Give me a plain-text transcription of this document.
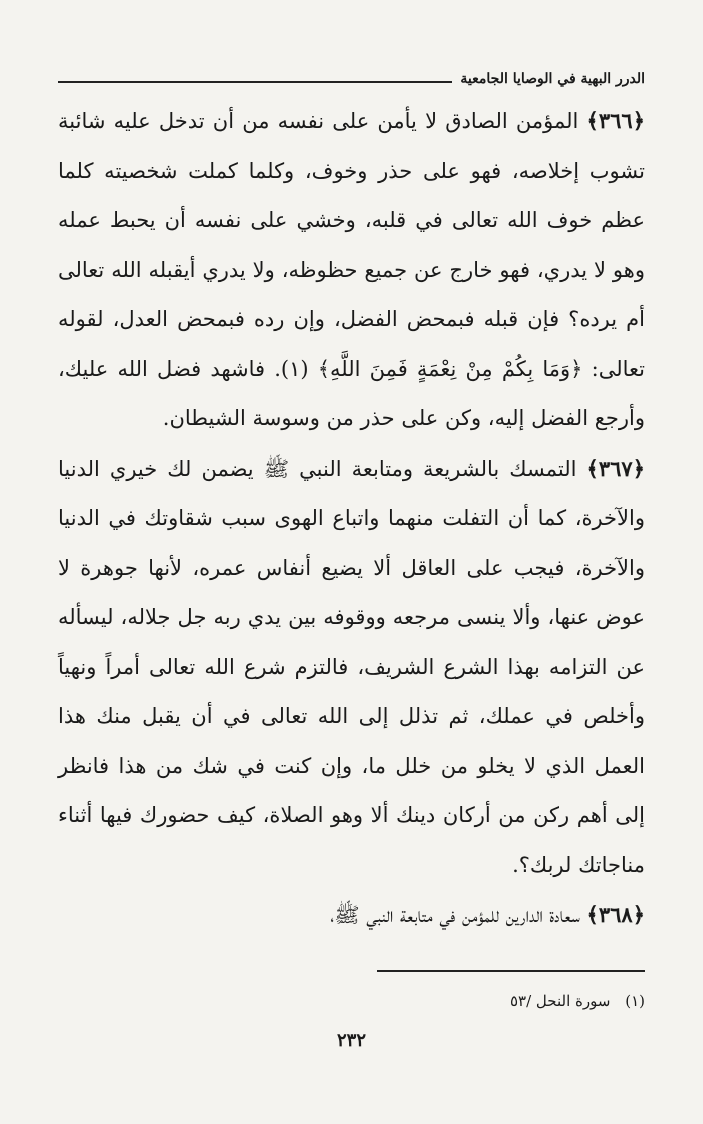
الدرر البهية في الوصايا الجامعية

﴿٣٦٦﴾ المؤمن الصادق لا يأمن على نفسه من أن تدخل عليه شائبة تشوب إخلاصه، فهو على حذر وخوف، وكلما كملت شخصيته كلما عظم خوف الله تعالى في قلبه، وخشي على نفسه أن يحبط عمله وهو لا يدري، فهو خارج عن جميع حظوظه، ولا يدري أيقبله الله تعالى أم يرده؟ فإن قبله فبمحض الفضل، وإن رده فبمحض العدل، لقوله تعالى: ﴿وَمَا بِكُمْ مِنْ نِعْمَةٍ فَمِنَ اللَّهِ﴾ (١). فاشهد فضل الله عليك، وأرجع الفضل إليه، وكن على حذر من وسوسة الشيطان.

﴿٣٦٧﴾ التمسك بالشريعة ومتابعة النبي ﷺ يضمن لك خيري الدنيا والآخرة، كما أن التفلت منهما واتباع الهوى سبب شقاوتك في الدنيا والآخرة، فيجب على العاقل ألا يضيع أنفاس عمره، لأنها جوهرة لا عوض عنها، وألا ينسى مرجعه ووقوفه بين يدي ربه جل جلاله، ليسأله عن التزامه بهذا الشرع الشريف، فالتزم شرع الله تعالى أمراً ونهياً وأخلص في عملك، ثم تذلل إلى الله تعالى في أن يقبل منك هذا العمل الذي لا يخلو من خلل ما، وإن كنت في شك من هذا فانظر إلى أهم ركن من أركان دينك ألا وهو الصلاة، كيف حضورك فيها أثناء مناجاتك لربك؟.

﴿٣٦٨﴾ سعادة الدارين للمؤمن في متابعة النبي ﷺ،

(١) سورة النحل /٥٣
٢٣٢
